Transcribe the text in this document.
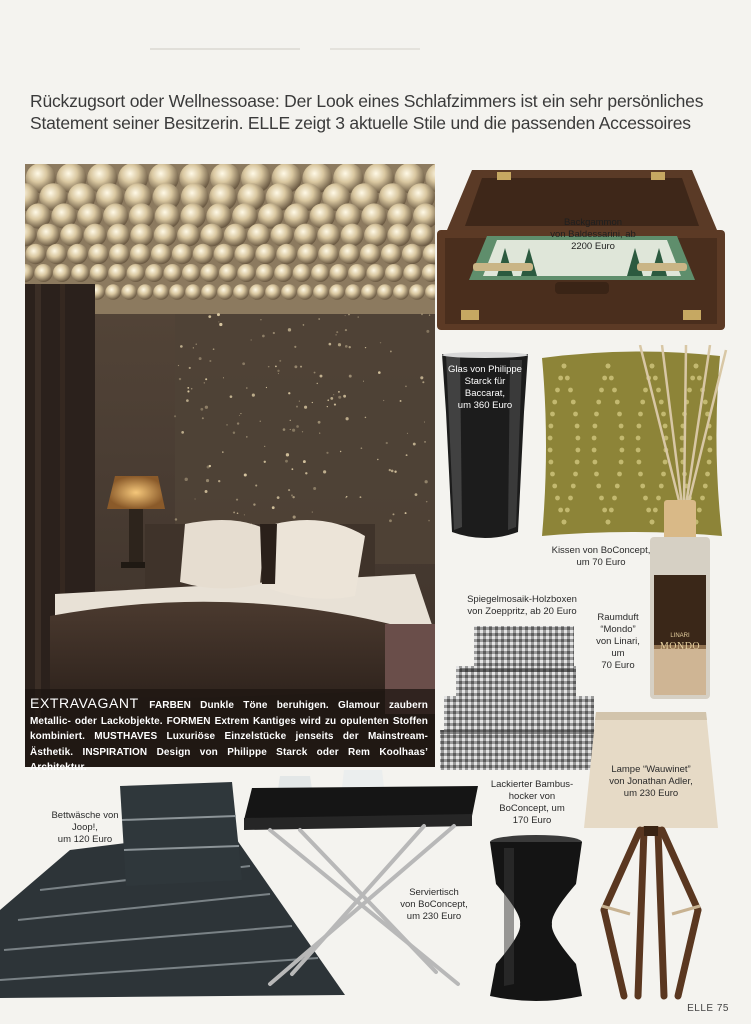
Rückzugsort oder Wellnessoase: Der Look eines Schlafzimmers ist ein sehr persönliches
Statement seiner Besitzerin. ELLE zeigt 3 aktuelle Stile und die passenden Accessoires
EXTRAVAGANT FARBEN Dunkle Töne beruhigen. Glamour zaubern Metallic- oder Lackobjekte. FORMEN Extrem Kantiges wird zu opulenten Stoffen kombiniert. MUSTHAVES Luxuriöse Einzelstücke jenseits der Mainstream-Ästhetik. INSPIRATION Design von Philippe Starck oder Rem Koolhaas’ Architektur.
Backgammon
von Baldessarini, ab
2200 Euro
Glas von Philippe
Starck für
Baccarat,
um 360 Euro
Kissen von BoConcept,
um 70 Euro
LINARI
MONDO
Raumduft
“Mondo”
von Linari,
um
70 Euro
Spiegelmosaik-Holzboxen
von Zoeppritz, ab 20 Euro
Lampe “Wauwinet”
von Jonathan Adler,
um 230 Euro
Lackierter Bambus-
hocker von
BoConcept, um
170 Euro
Bettwäsche von
Joop!,
um 120 Euro
Serviertisch
von BoConcept,
um 230 Euro
ELLE 75
